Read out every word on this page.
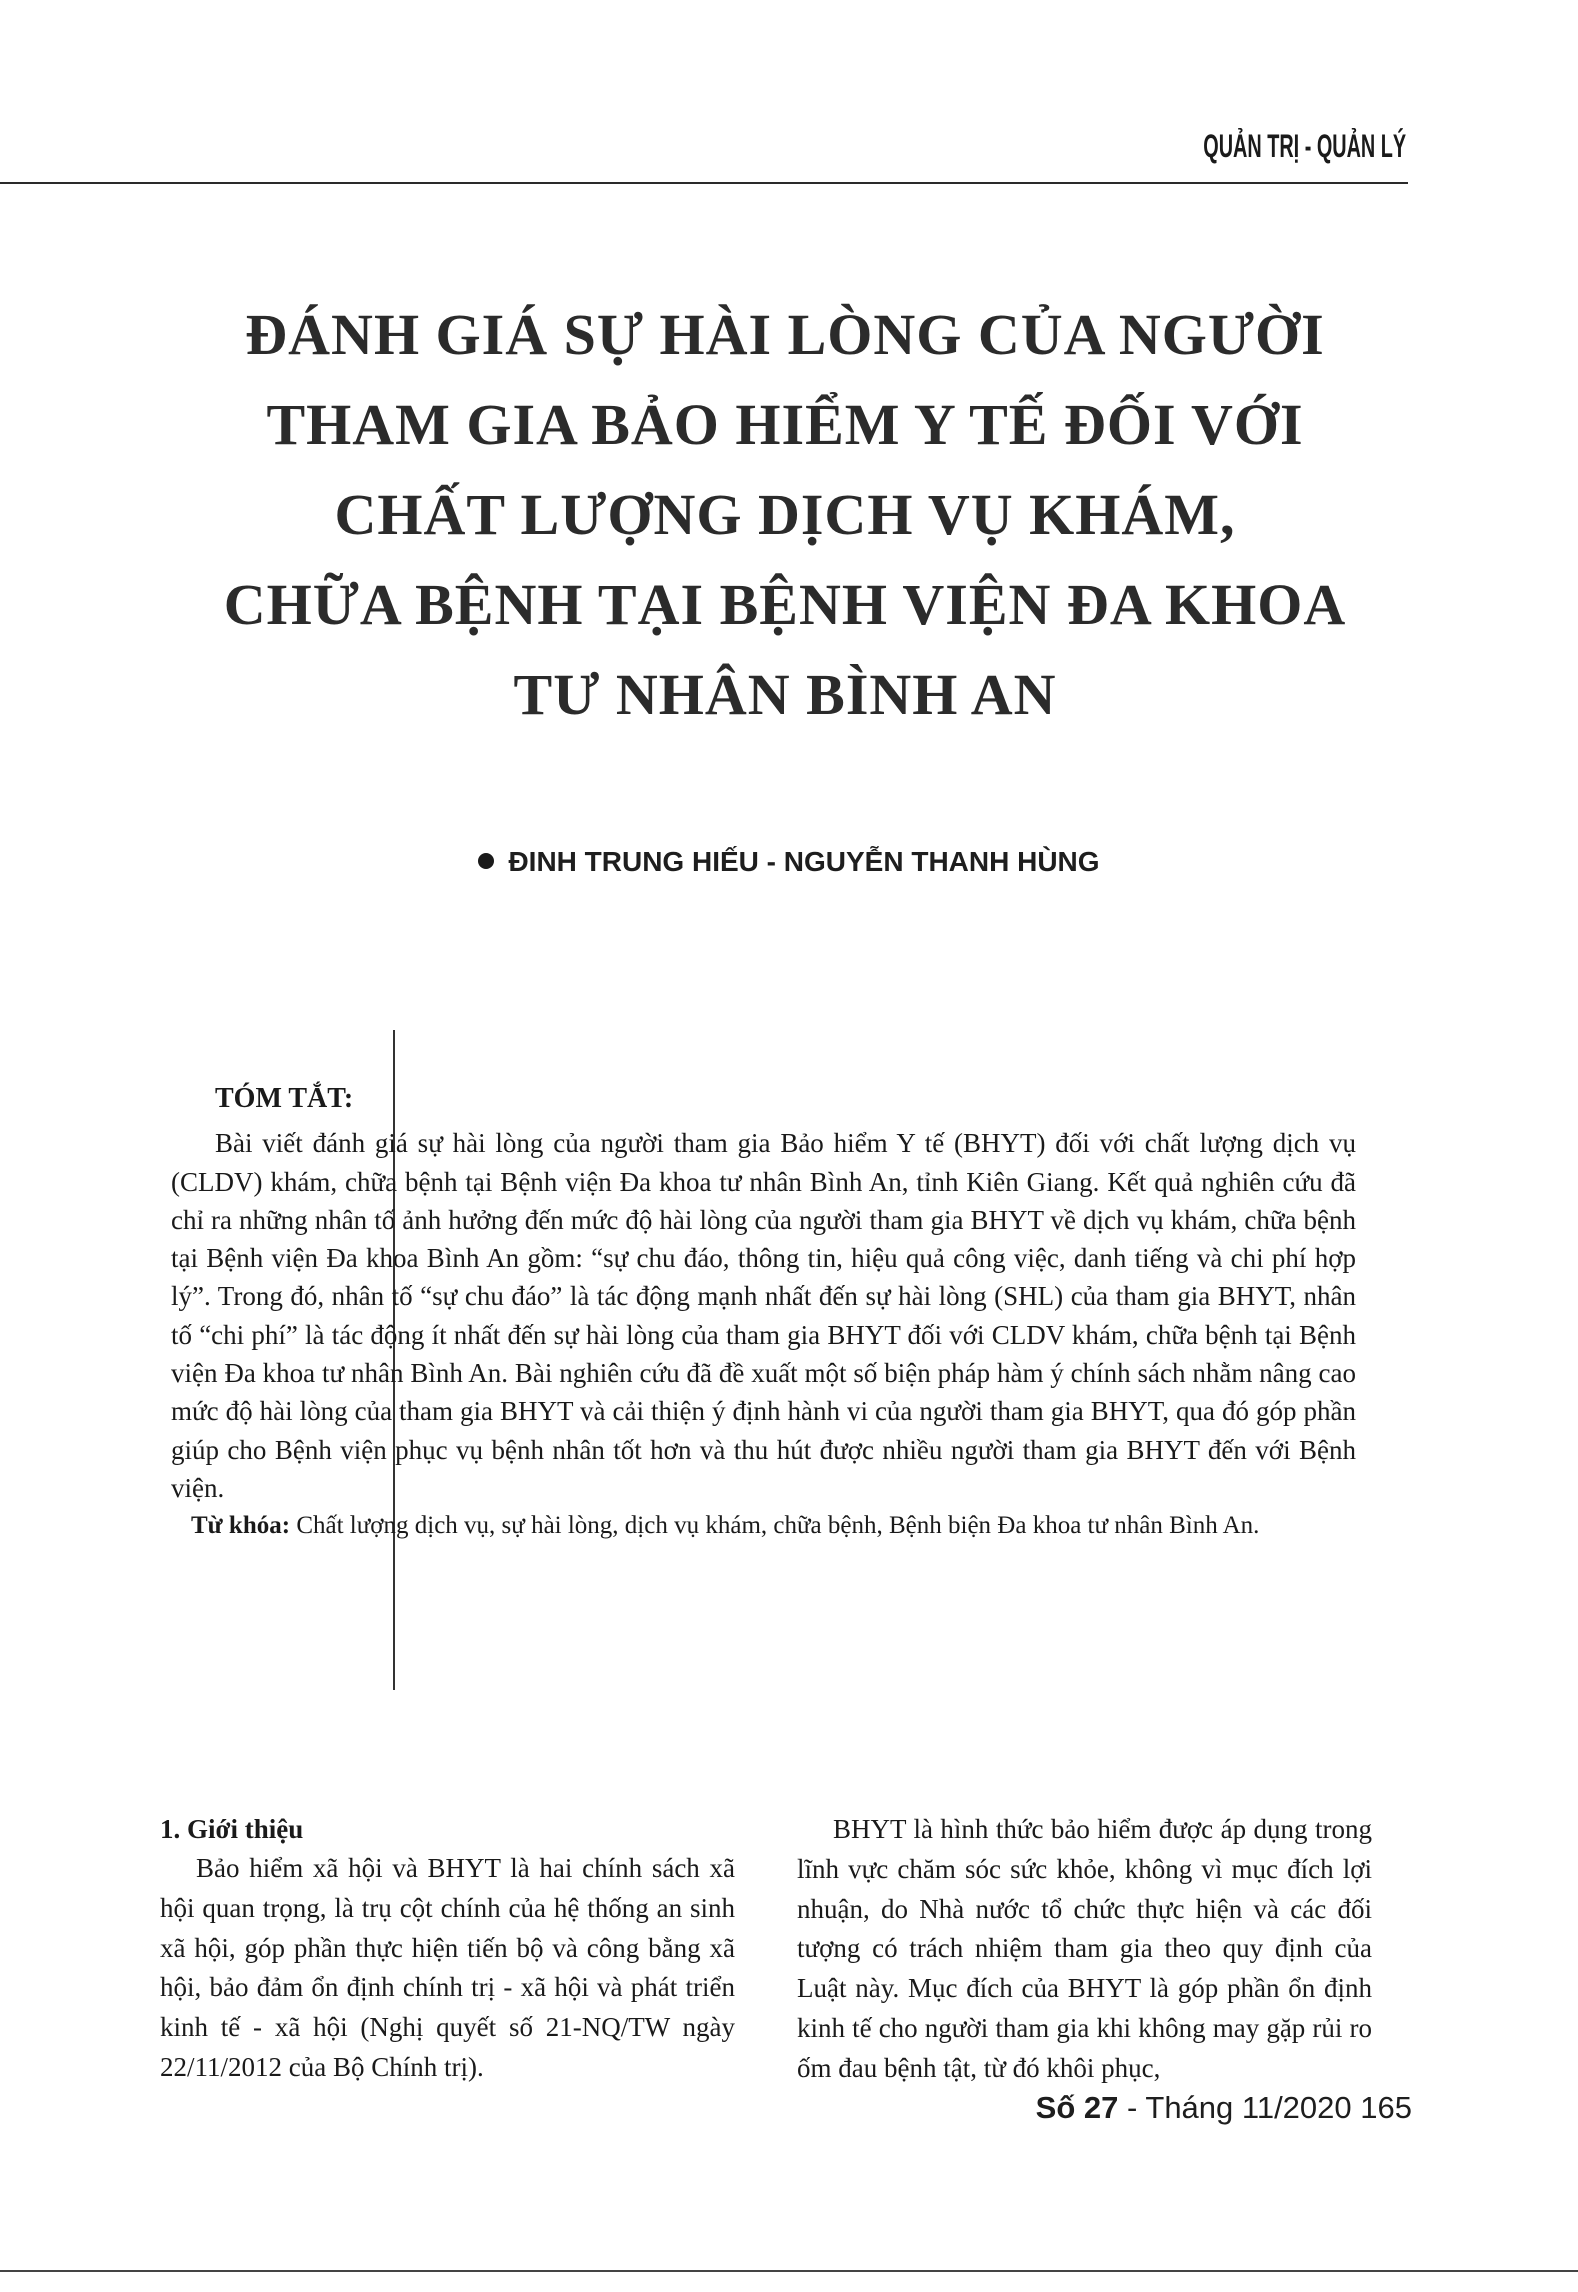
QUẢN TRỊ - QUẢN LÝ
ĐÁNH GIÁ SỰ HÀI LÒNG CỦA NGƯỜI
THAM GIA BẢO HIỂM Y TẾ ĐỐI VỚI
CHẤT LƯỢNG DỊCH VỤ KHÁM,
CHỮA BỆNH TẠI BỆNH VIỆN ĐA KHOA
TƯ NHÂN BÌNH AN
ĐINH TRUNG HIẾU - NGUYỄN THANH HÙNG
TÓM TẮT:
Bài viết đánh giá sự hài lòng của người tham gia Bảo hiểm Y tế (BHYT) đối với chất lượng dịch vụ (CLDV) khám, chữa bệnh tại Bệnh viện Đa khoa tư nhân Bình An, tỉnh Kiên Giang. Kết quả nghiên cứu đã chỉ ra những nhân tố ảnh hưởng đến mức độ hài lòng của người tham gia BHYT về dịch vụ khám, chữa bệnh tại Bệnh viện Đa khoa Bình An gồm: “sự chu đáo, thông tin, hiệu quả công việc, danh tiếng và chi phí hợp lý”. Trong đó, nhân tố “sự chu đáo” là tác động mạnh nhất đến sự hài lòng (SHL) của tham gia BHYT, nhân tố “chi phí” là tác động ít nhất đến sự hài lòng của tham gia BHYT đối với CLDV khám, chữa bệnh tại Bệnh viện Đa khoa tư nhân Bình An. Bài nghiên cứu đã đề xuất một số biện pháp hàm ý chính sách nhằm nâng cao mức độ hài lòng của tham gia BHYT và cải thiện ý định hành vi của người tham gia BHYT, qua đó góp phần giúp cho Bệnh viện phục vụ bệnh nhân tốt hơn và thu hút được nhiều người tham gia BHYT đến với Bệnh viện.
Từ khóa: Chất lượng dịch vụ, sự hài lòng, dịch vụ khám, chữa bệnh, Bệnh biện Đa khoa tư nhân Bình An.
1. Giới thiệu

Bảo hiểm xã hội và BHYT là hai chính sách xã hội quan trọng, là trụ cột chính của hệ thống an sinh xã hội, góp phần thực hiện tiến bộ và công bằng xã hội, bảo đảm ổn định chính trị - xã hội và phát triển kinh tế - xã hội (Nghị quyết số 21-NQ/TW ngày 22/11/2012 của Bộ Chính trị).

BHYT là hình thức bảo hiểm được áp dụng trong lĩnh vực chăm sóc sức khỏe, không vì mục đích lợi nhuận, do Nhà nước tổ chức thực hiện và các đối tượng có trách nhiệm tham gia theo quy định của Luật này. Mục đích của BHYT là góp phần ổn định kinh tế cho người tham gia khi không may gặp rủi ro ốm đau bệnh tật, từ đó khôi phục,

Số 27 - Tháng 11/2020 165
